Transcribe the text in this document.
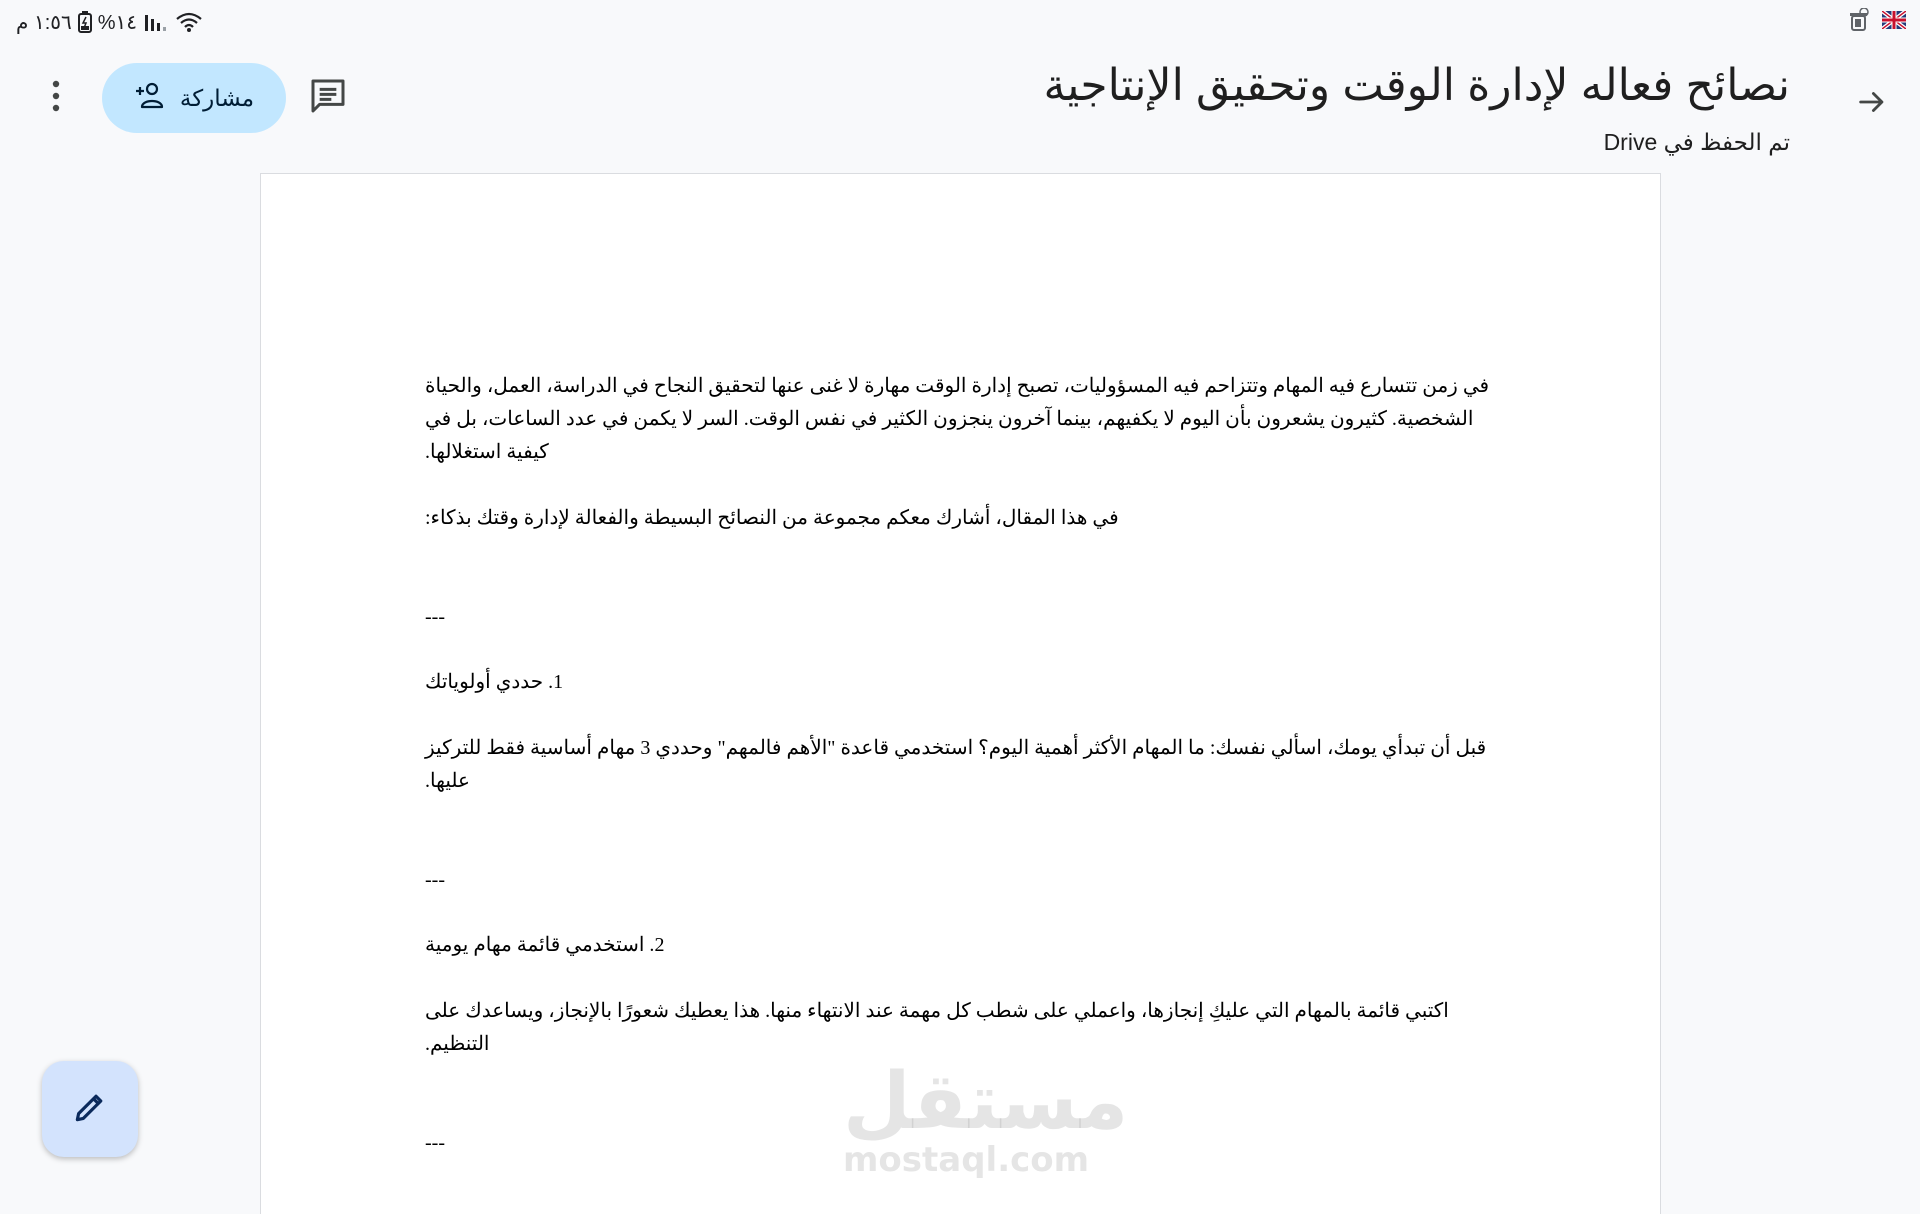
١:٥٦ م %١٤
نصائح فعاله لإدارة الوقت وتحقيق الإنتاجية
تم الحفظ في Drive
مشاركة

في زمن تتسارع فيه المهام وتتزاحم فيه المسؤوليات، تصبح إدارة الوقت مهارة لا غنى عنها لتحقيق النجاح في الدراسة، العمل، والحياة

الشخصية. كثيرون يشعرون بأن اليوم لا يكفيهم، بينما آخرون ينجزون الكثير في نفس الوقت. السر لا يكمن في عدد الساعات، بل في

كيفية استغلالها.

في هذا المقال، أشارك معكم مجموعة من النصائح البسيطة والفعالة لإدارة وقتك بذكاء:

---

1. حددي أولوياتك

قبل أن تبدأي يومك، اسألي نفسك: ما المهام الأكثر أهمية اليوم؟ استخدمي قاعدة "الأهم فالمهم" وحددي 3 مهام أساسية فقط للتركيز

عليها.

---

2. استخدمي قائمة مهام يومية

اكتبي قائمة بالمهام التي عليكِ إنجازها، واعملي على شطب كل مهمة عند الانتهاء منها. هذا يعطيك شعورًا بالإنجاز، ويساعدك على

التنظيم.

---	مستقل
mostaql.com
